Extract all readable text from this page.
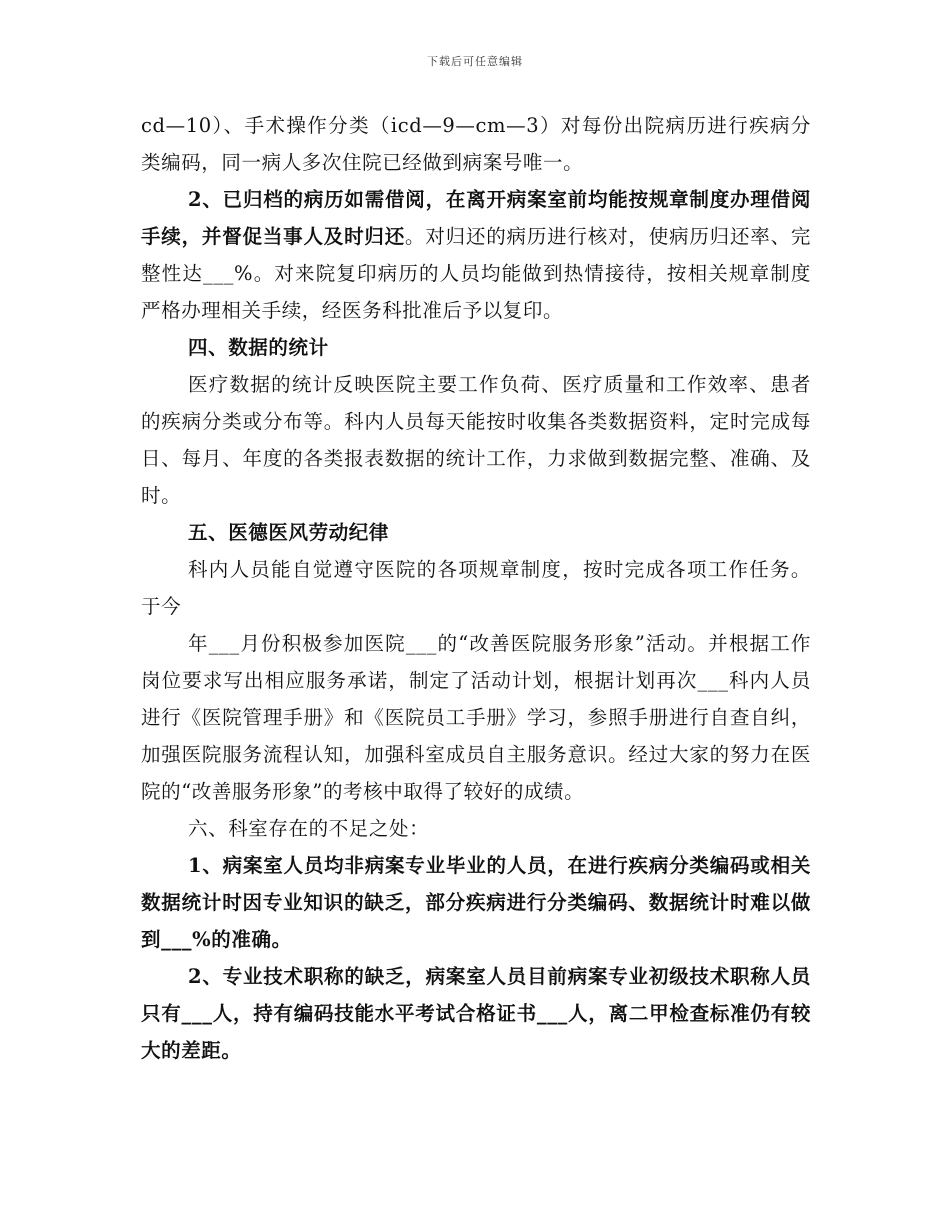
下载后可任意编辑

cd—10）、手术操作分类（icd—9—cm—3）对每份出院病历进行疾病分类编码，同一病人多次住院已经做到病案号唯一。

2、已归档的病历如需借阅，在离开病案室前均能按规章制度办理借阅手续，并督促当事人及时归还。对归还的病历进行核对，使病历归还率、完整性达___%。对来院复印病历的人员均能做到热情接待，按相关规章制度严格办理相关手续，经医务科批准后予以复印。

四、数据的统计

医疗数据的统计反映医院主要工作负荷、医疗质量和工作效率、患者的疾病分类或分布等。科内人员每天能按时收集各类数据资料，定时完成每日、每月、年度的各类报表数据的统计工作，力求做到数据完整、准确、及时。

五、医德医风劳动纪律

科内人员能自觉遵守医院的各项规章制度，按时完成各项工作任务。于今

年___月份积极参加医院___的“改善医院服务形象”活动。并根据工作岗位要求写出相应服务承诺，制定了活动计划，根据计划再次___科内人员进行《医院管理手册》和《医院员工手册》学习，参照手册进行自查自纠，加强医院服务流程认知，加强科室成员自主服务意识。经过大家的努力在医院的“改善服务形象”的考核中取得了较好的成绩。

六、科室存在的不足之处：

1、病案室人员均非病案专业毕业的人员，在进行疾病分类编码或相关数据统计时因专业知识的缺乏，部分疾病进行分类编码、数据统计时难以做到___%的准确。

2、专业技术职称的缺乏，病案室人员目前病案专业初级技术职称人员只有___人，持有编码技能水平考试合格证书___人，离二甲检查标准仍有较大的差距。
